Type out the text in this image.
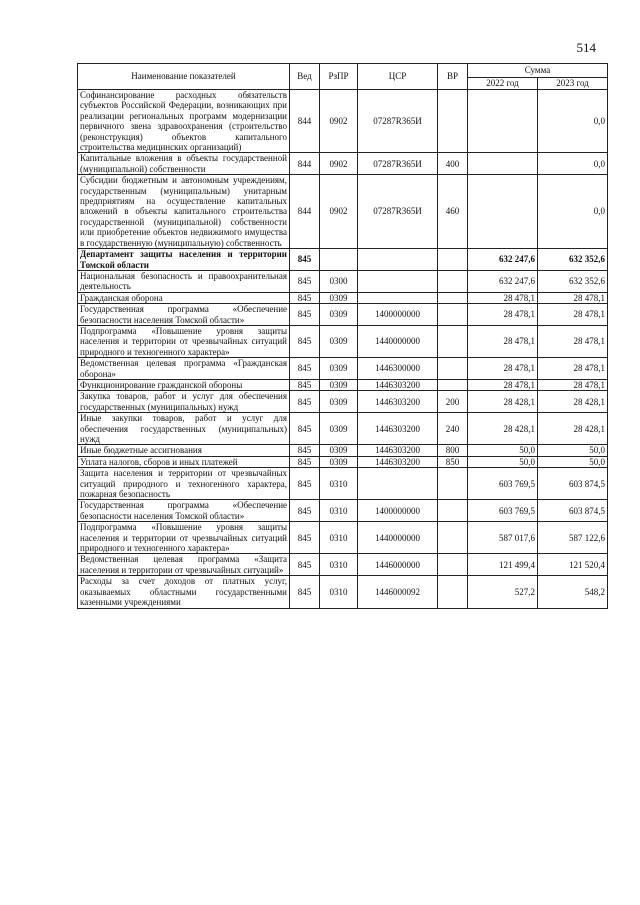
514
Наименование показателей	Вед	РзПР	ЦСР	ВР	Сумма	
					2022 год	2023 год
Софинансирование расходных обязательств субъектов Российской Федерации, возникающих при реализации региональных программ модернизации первичного звена здравоохранения (строительство (реконструкция) объектов капитального строительства медицинских организаций)	844	0902	07287R365И			0,0
Капитальные вложения в объекты государственной (муниципальной) собственности	844	0902	07287R365И	400		0,0
Субсидии бюджетным и автономным учреждениям, государственным (муниципальным) унитарным предприятиям на осуществление капитальных вложений в объекты капитального строительства государственной (муниципальной) собственности или приобретение объектов недвижимого имущества в государственную (муниципальную) собственность	844	0902	07287R365И	460		0,0
Департамент защиты населения и территории Томской области	845				632 247,6	632 352,6
Национальная безопасность и правоохранительная деятельность	845	0300			632 247,6	632 352,6
Гражданская оборона	845	0309			28 478,1	28 478,1
Государственная программа «Обеспечение безопасности населения Томской области»	845	0309	1400000000		28 478,1	28 478,1
Подпрограмма «Повышение уровня защиты населения и территории от чрезвычайных ситуаций природного и техногенного характера»	845	0309	1440000000		28 478,1	28 478,1
Ведомственная целевая программа «Гражданская оборона»	845	0309	1446300000		28 478,1	28 478,1
Функционирование гражданской обороны	845	0309	1446303200		28 478,1	28 478,1
Закупка товаров, работ и услуг для обеспечения государственных (муниципальных) нужд	845	0309	1446303200	200	28 428,1	28 428,1
Иные закупки товаров, работ и услуг для обеспечения государственных (муниципальных) нужд	845	0309	1446303200	240	28 428,1	28 428,1
Иные бюджетные ассигнования	845	0309	1446303200	800	50,0	50,0
Уплата налогов, сборов и иных платежей	845	0309	1446303200	850	50,0	50,0
Защита населения и территории от чрезвычайных ситуаций природного и техногенного характера, пожарная безопасность	845	0310			603 769,5	603 874,5
Государственная программа «Обеспечение безопасности населения Томской области»	845	0310	1400000000		603 769,5	603 874,5
Подпрограмма «Повышение уровня защиты населения и территории от чрезвычайных ситуаций природного и техногенного характера»	845	0310	1440000000		587 017,6	587 122,6
Ведомственная целевая программа «Защита населения и территории от чрезвычайных ситуаций»	845	0310	1446000000		121 499,4	121 520,4
Расходы за счет доходов от платных услуг, оказываемых областными государственными казенными учреждениями	845	0310	1446000092		527,2	548,2
